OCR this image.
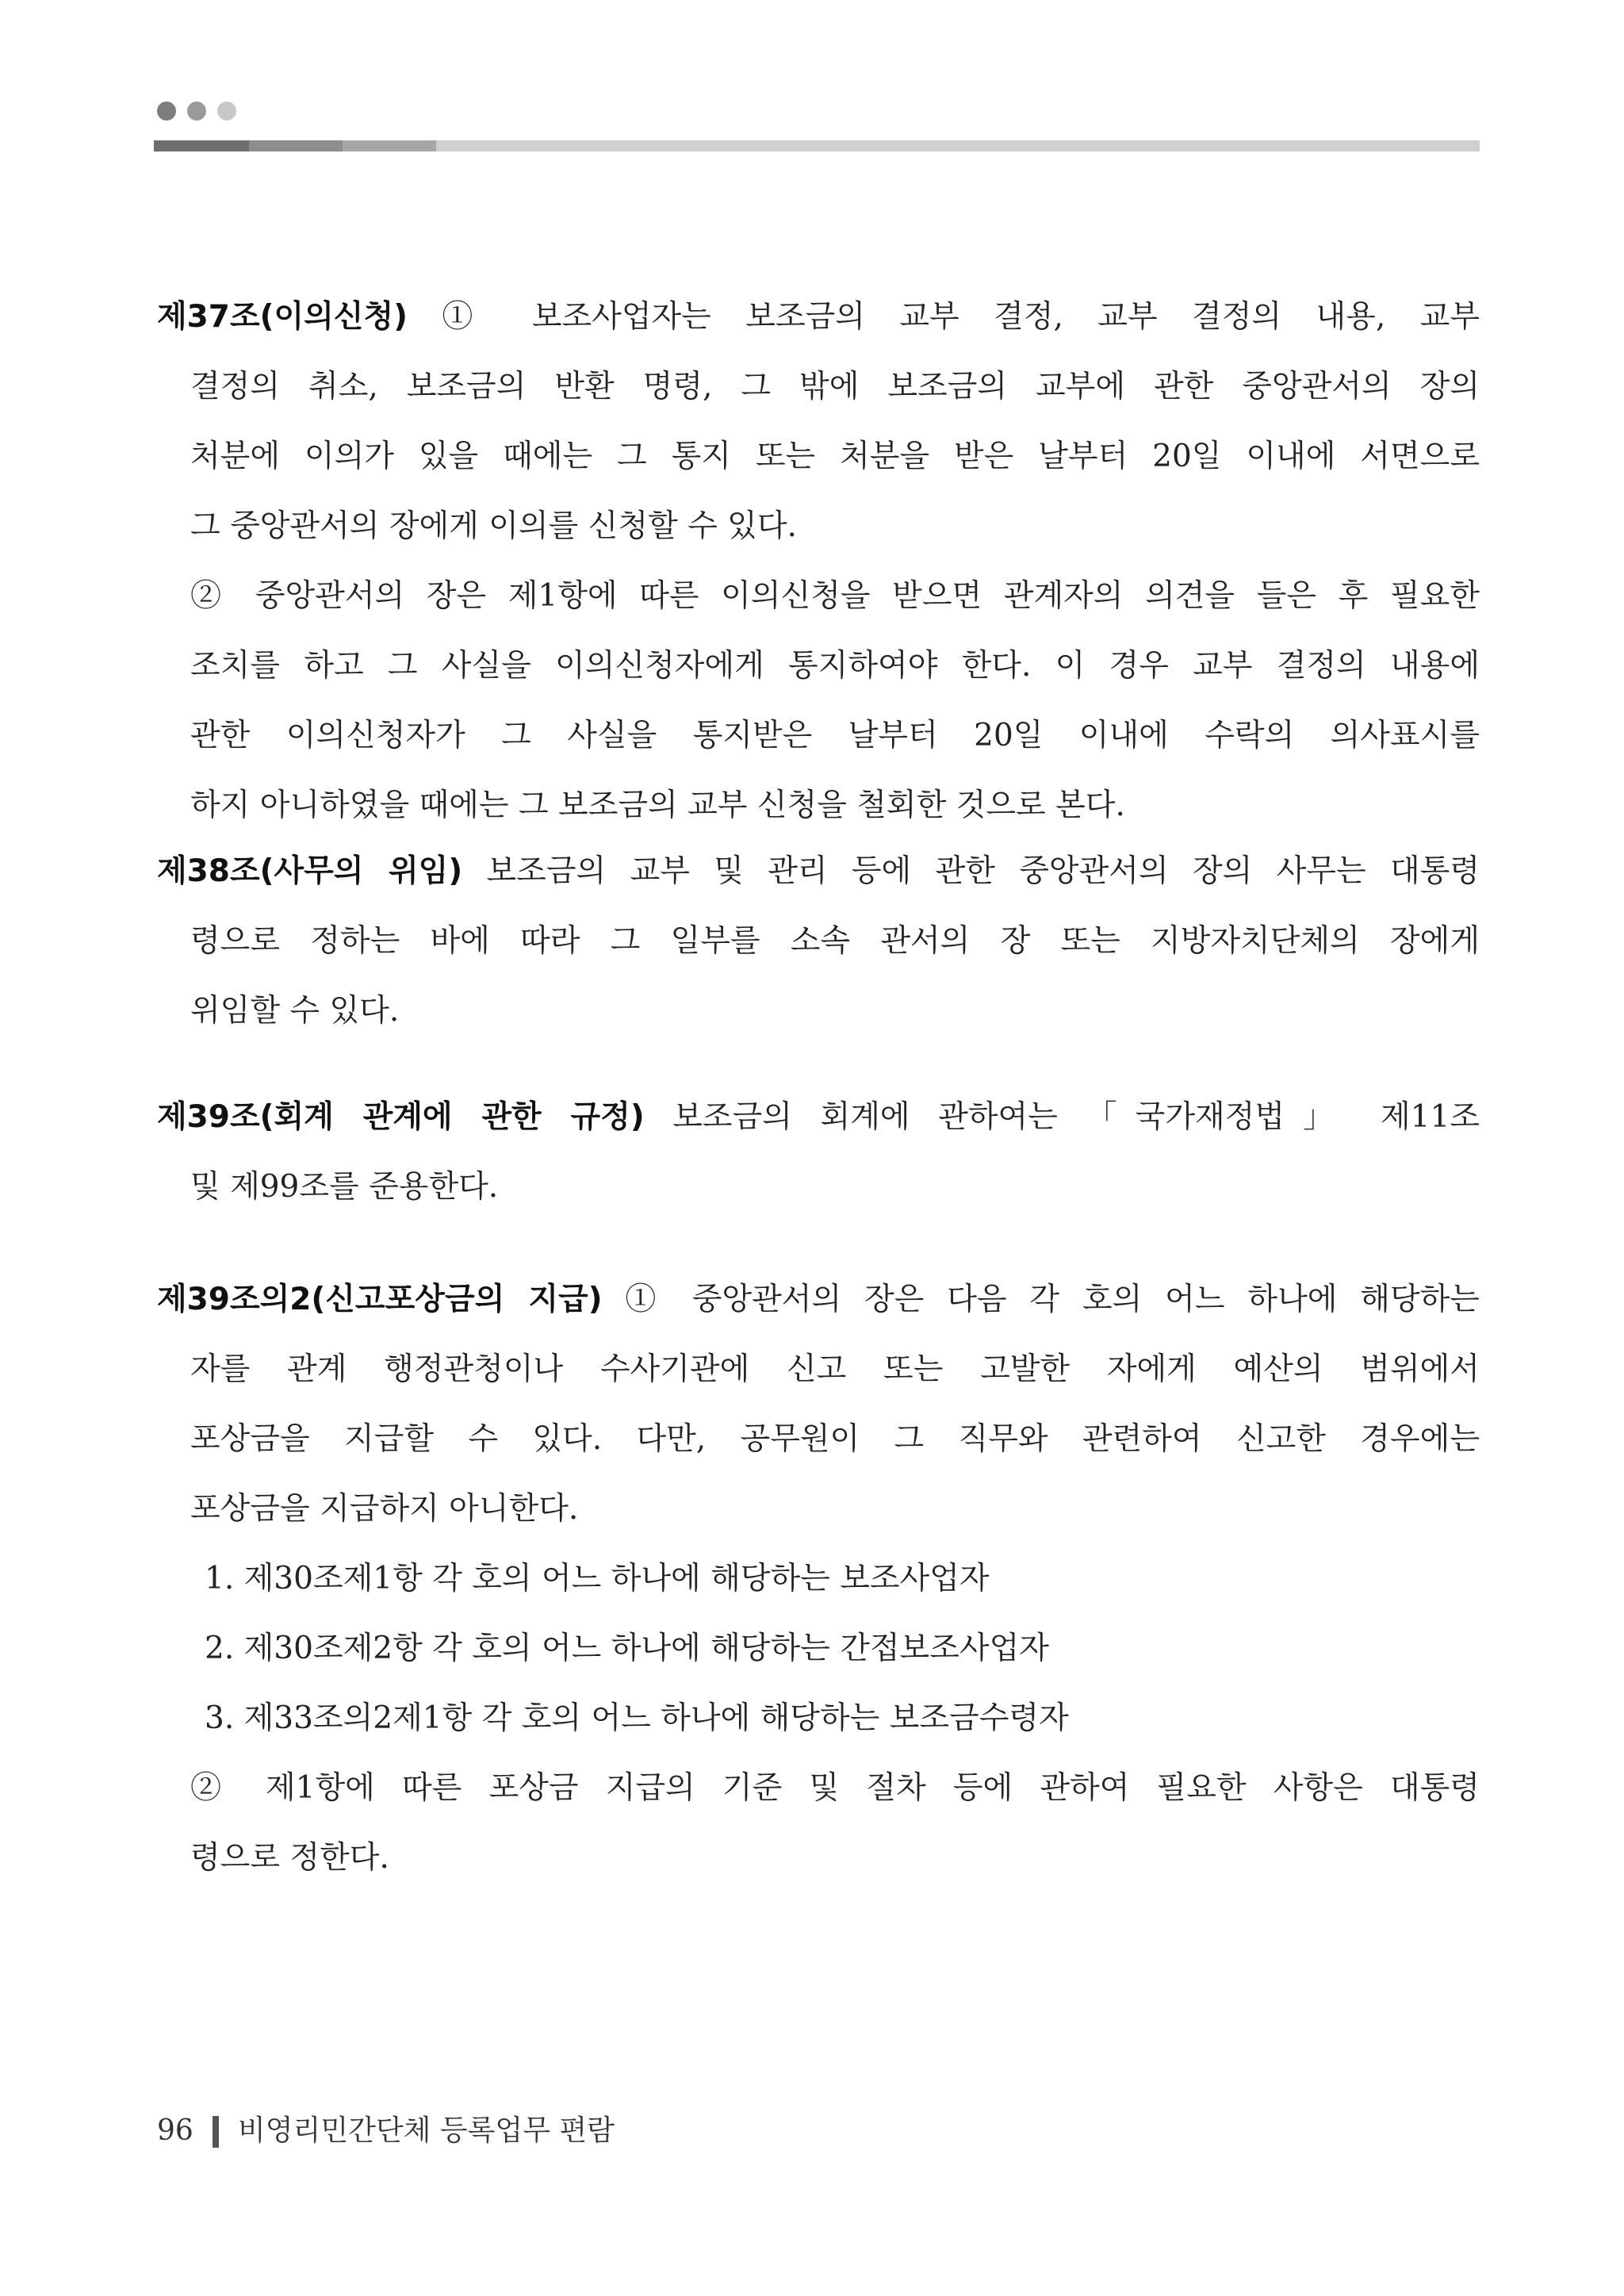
제37조(이의신청) ① 보조사업자는 보조금의 교부 결정, 교부 결정의 내용, 교부
결정의 취소, 보조금의 반환 명령, 그 밖에 보조금의 교부에 관한 중앙관서의 장의
처분에 이의가 있을 때에는 그 통지 또는 처분을 받은 날부터 20일 이내에 서면으로
그 중앙관서의 장에게 이의를 신청할 수 있다.
② 중앙관서의 장은 제1항에 따른 이의신청을 받으면 관계자의 의견을 들은 후 필요한
조치를 하고 그 사실을 이의신청자에게 통지하여야 한다. 이 경우 교부 결정의 내용에
관한 이의신청자가 그 사실을 통지받은 날부터 20일 이내에 수락의 의사표시를
하지 아니하였을 때에는 그 보조금의 교부 신청을 철회한 것으로 본다.
제38조(사무의 위임) 보조금의 교부 및 관리 등에 관한 중앙관서의 장의 사무는 대통령
령으로 정하는 바에 따라 그 일부를 소속 관서의 장 또는 지방자치단체의 장에게
위임할 수 있다.
제39조(회계 관계에 관한 규정) 보조금의 회계에 관하여는 「국가재정법」 제11조
및 제99조를 준용한다.
제39조의2(신고포상금의 지급) ① 중앙관서의 장은 다음 각 호의 어느 하나에 해당하는
자를 관계 행정관청이나 수사기관에 신고 또는 고발한 자에게 예산의 범위에서
포상금을 지급할 수 있다. 다만, 공무원이 그 직무와 관련하여 신고한 경우에는
포상금을 지급하지 아니한다.
1. 제30조제1항 각 호의 어느 하나에 해당하는 보조사업자
2. 제30조제2항 각 호의 어느 하나에 해당하는 간접보조사업자
3. 제33조의2제1항 각 호의 어느 하나에 해당하는 보조금수령자
② 제1항에 따른 포상금 지급의 기준 및 절차 등에 관하여 필요한 사항은 대통령
령으로 정한다.
96 비영리민간단체 등록업무 편람
